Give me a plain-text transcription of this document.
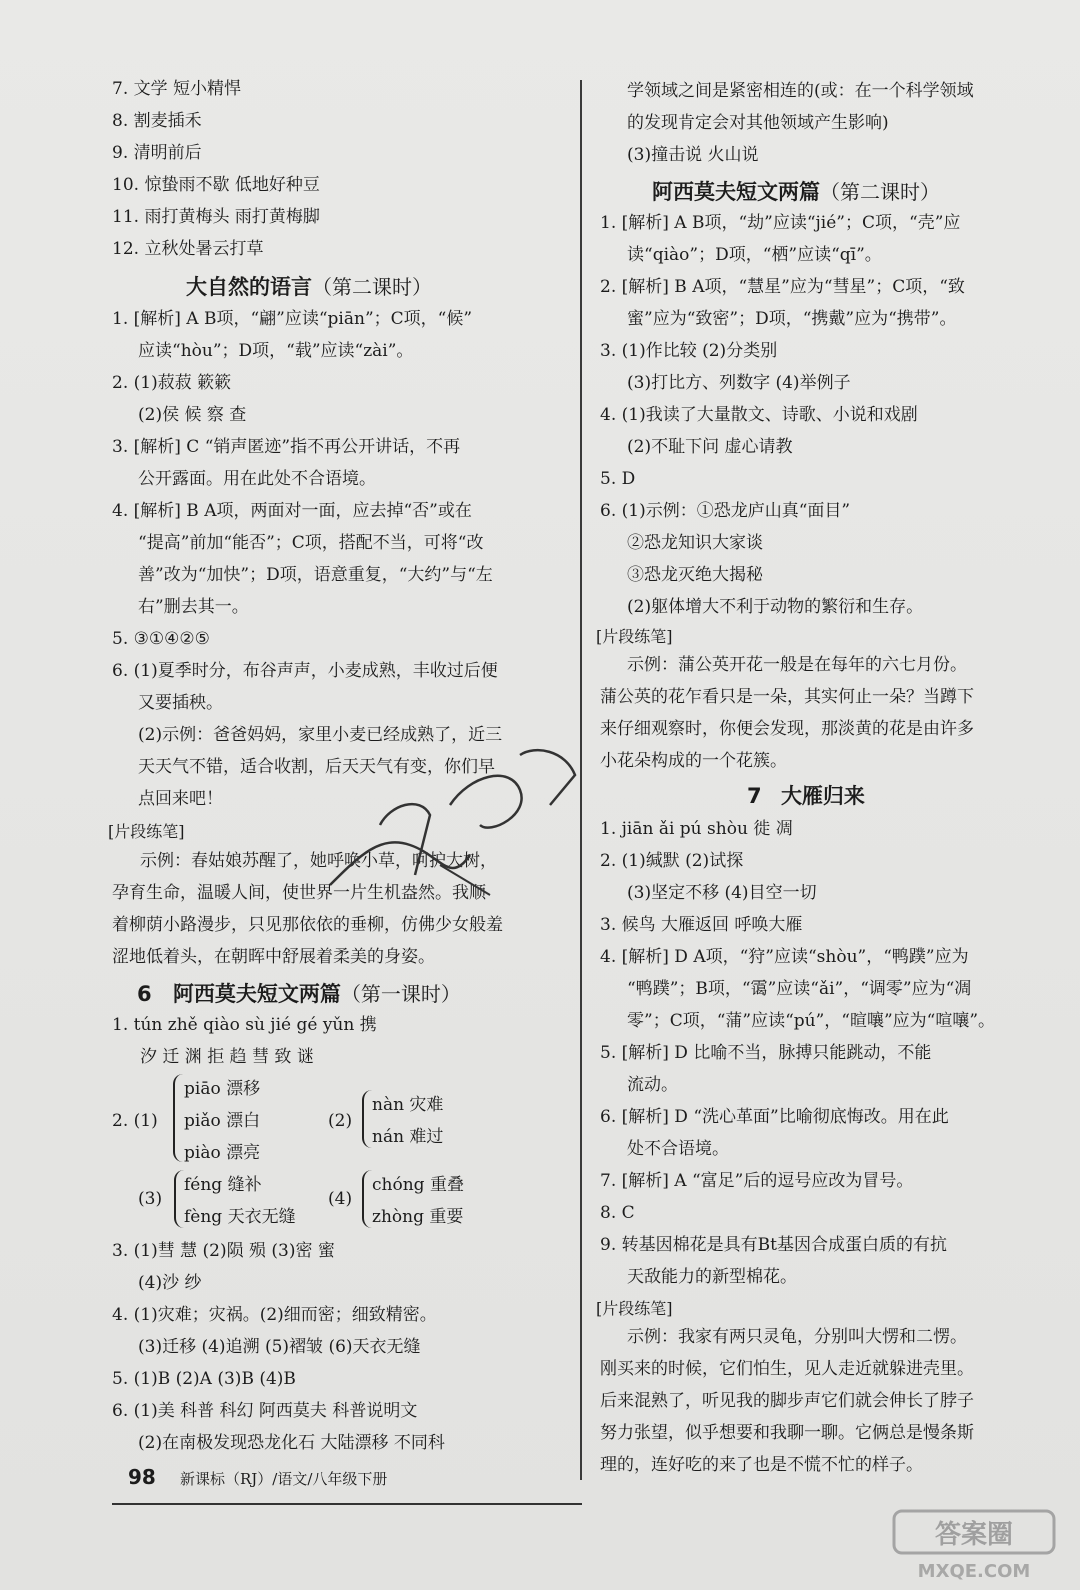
7. 文学 短小精悍
8. 割麦插禾
9. 清明前后
10. 惊蛰雨不歇 低地好种豆
11. 雨打黄梅头 雨打黄梅脚
12. 立秋处暑云打草
大自然的语言（第二课时）
1. [解析] A B项，“翩”应读“piān”；C项，“候”
应读“hòu”；D项，“载”应读“zài”。
2. (1)菽菽 簌簌
(2)侯 候 察 查
3. [解析] C “销声匿迹”指不再公开讲话，不再
公开露面。用在此处不合语境。
4. [解析] B A项，两面对一面，应去掉“否”或在
“提高”前加“能否”；C项，搭配不当，可将“改
善”改为“加快”；D项，语意重复，“大约”与“左
右”删去其一。
5. ③①④②⑤
6. (1)夏季时分，布谷声声，小麦成熟，丰收过后便
又要插秧。
(2)示例：爸爸妈妈，家里小麦已经成熟了，近三
天天气不错，适合收割，后天天气有变，你们早
点回来吧！
[片段练笔]
示例：春姑娘苏醒了，她呼唤小草，呵护大树，
孕育生命，温暖人间，使世界一片生机盎然。我顺
着柳荫小路漫步，只见那依依的垂柳，仿佛少女般羞
涩地低着头，在朝晖中舒展着柔美的身姿。
6 阿西莫夫短文两篇（第一课时）
1. tún zhě qiào sù jié gé yǔn 携
汐 迁 渊 拒 趋 彗 致 谜
2. (1)
piāo 漂移
piǎo 漂白
piào 漂亮
(2)
nàn 灾难
nán 难过
(3)
féng 缝补
fèng 天衣无缝
(4)
chóng 重叠
zhòng 重要
3. (1)彗 慧 (2)陨 殒 (3)密 蜜
(4)沙 纱
4. (1)灾难；灾祸。(2)细而密；细致精密。
(3)迁移 (4)追溯 (5)褶皱 (6)天衣无缝
5. (1)B (2)A (3)B (4)B
6. (1)美 科普 科幻 阿西莫夫 科普说明文
(2)在南极发现恐龙化石 大陆漂移 不同科
学领域之间是紧密相连的(或：在一个科学领域
的发现肯定会对其他领域产生影响)
(3)撞击说 火山说
阿西莫夫短文两篇（第二课时）
1. [解析] A B项，“劫”应读“jié”；C项，“壳”应
读“qiào”；D项，“栖”应读“qī”。
2. [解析] B A项，“慧星”应为“彗星”；C项，“致
蜜”应为“致密”；D项，“携戴”应为“携带”。
3. (1)作比较 (2)分类别
(3)打比方、列数字 (4)举例子
4. (1)我读了大量散文、诗歌、小说和戏剧
(2)不耻下问 虚心请教
5. D
6. (1)示例：①恐龙庐山真“面目”
②恐龙知识大家谈
③恐龙灭绝大揭秘
(2)躯体增大不利于动物的繁衍和生存。
[片段练笔]
示例：蒲公英开花一般是在每年的六七月份。
蒲公英的花乍看只是一朵，其实何止一朵？当蹲下
来仔细观察时，你便会发现，那淡黄的花是由许多
小花朵构成的一个花簇。
7 大雁归来
1. jiān ǎi pú shòu 徙 凋
2. (1)缄默 (2)试探
(3)坚定不移 (4)目空一切
3. 候鸟 大雁返回 呼唤大雁
4. [解析] D A项，“狩”应读“shòu”，“鸭蹼”应为
“鸭蹼”；B项，“霭”应读“ǎi”，“调零”应为“凋
零”；C项，“蒲”应读“pú”，“暄嚷”应为“喧嚷”。
5. [解析] D 比喻不当，脉搏只能跳动，不能
流动。
6. [解析] D “洗心革面”比喻彻底悔改。用在此
处不合语境。
7. [解析] A “富足”后的逗号应改为冒号。
8. C
9. 转基因棉花是具有Bt基因合成蛋白质的有抗
天敌能力的新型棉花。
[片段练笔]
示例：我家有两只灵龟，分别叫大愣和二愣。
刚买来的时候，它们怕生，见人走近就躲进壳里。
后来混熟了，听见我的脚步声它们就会伸长了脖子
努力张望，似乎想要和我聊一聊。它俩总是慢条斯
理的，连好吃的来了也是不慌不忙的样子。
98 新课标（RJ）/语文/八年级下册
答案圈
MXQE.COM
